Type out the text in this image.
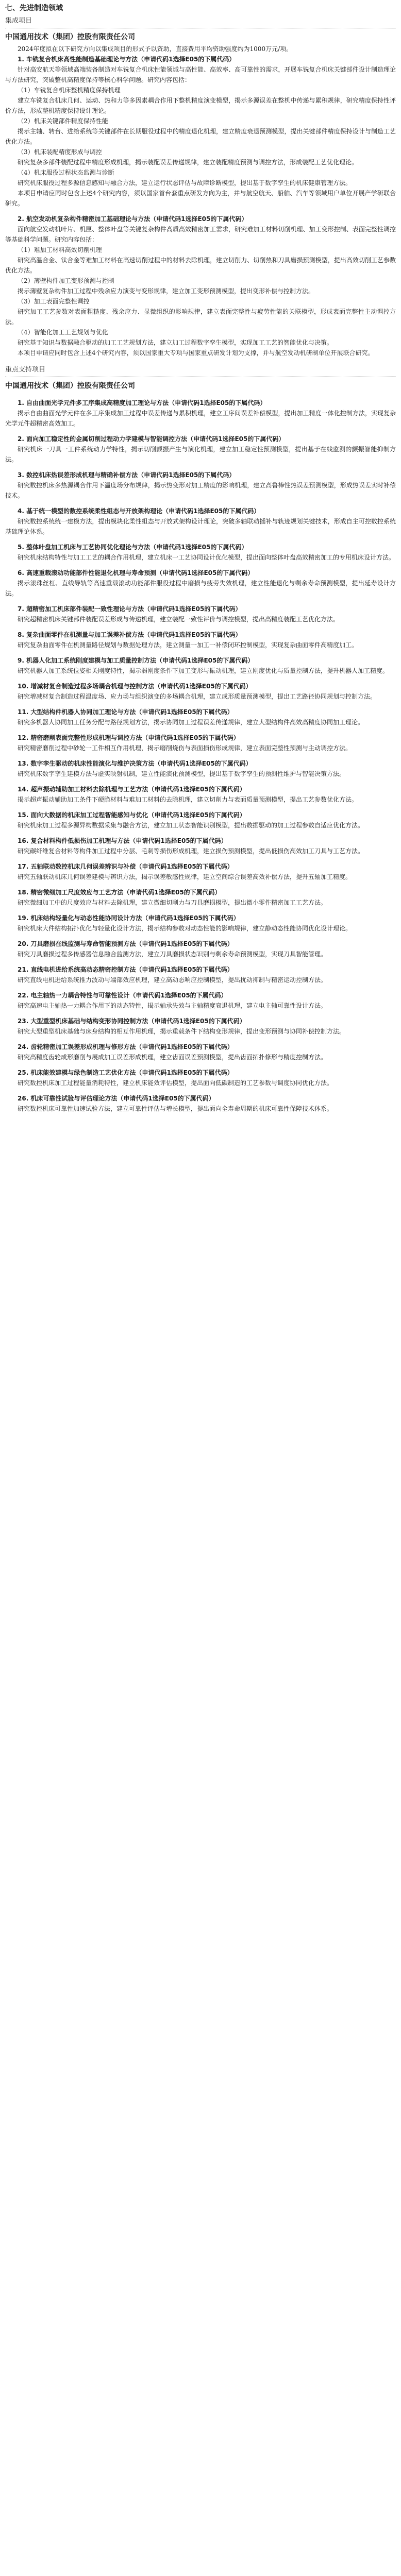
七、先进制造领域
集成项目
中国通用技术（集团）控股有限责任公司

2024年度拟在以下研究方向以集成项目的形式予以资助，直接费用平均资助强度约为1000万元/项。

1. 车铣复合机床高性能制造基础理论与方法（申请代码1选择E05的下属代码）

针对高安航天等领域高端装备制造对车铣复合机床性能领域与高性能、高效率、高可靠性的需求，开展车铣复合机床关键部件设计制造理论与方法研究，突破整机高精度保持等核心科学问题。研究内容包括：

（1）车铣复合机床整机精度保持机理

建立车铣复合机床几何、运动、热和力等多因素耦合作用下整机精度演变模型，揭示多源误差在整机中传递与累积规律，研究精度保持性评价方法，形成整机精度保持设计理论。

（2）机床关键部件精度保持性能

揭示主轴、转台、进给系统等关键部件在长期服役过程中的精度退化机理，建立精度衰退预测模型，提出关键部件精度保持设计与制造工艺优化方法。

（3）机床装配精度形成与调控

研究复杂多部件装配过程中精度形成机理，揭示装配误差传递规律，建立装配精度预测与调控方法，形成装配工艺优化理论。

（4）机床服役过程状态监测与诊断

研究机床服役过程多源信息感知与融合方法，建立运行状态评估与故障诊断模型，提出基于数字孪生的机床健康管理方法。

本项目申请应同时包含上述4个研究内容，须以国家首台套重点研发方向为主，并与航空航天、船舶、汽车等领域用户单位开展产学研联合研究。

2. 航空发动机复杂构件精密加工基础理论与方法（申请代码1选择E05的下属代码）

面向航空发动机叶片、机匣、整体叶盘等关键复杂构件高质高效精密加工需求，研究难加工材料切削机理、加工变形控制、表面完整性调控等基础科学问题。研究内容包括：

（1）难加工材料高效切削机理

研究高温合金、钛合金等难加工材料在高速切削过程中的材料去除机理，建立切削力、切削热和刀具磨损预测模型，提出高效切削工艺参数优化方法。

（2）薄壁构件加工变形预测与控制

揭示薄壁复杂构件加工过程中残余应力演变与变形规律，建立加工变形预测模型，提出变形补偿与控制方法。

（3）加工表面完整性调控

研究加工工艺参数对表面粗糙度、残余应力、显微组织的影响规律，建立表面完整性与疲劳性能的关联模型，形成表面完整性主动调控方法。

（4）智能化加工工艺规划与优化

研究基于知识与数据融合驱动的加工工艺规划方法，建立加工过程数字孪生模型，实现加工工艺的智能优化与决策。

本项目申请应同时包含上述4个研究内容，须以国家重大专项与国家重点研发计划为支撑，并与航空发动机研制单位开展联合研究。

重点支持项目
中国通用技术（集团）控股有限责任公司

1. 自由曲面光学元件多工序集成高精度加工理论与方法（申请代码1选择E05的下属代码）

揭示自由曲面光学元件在多工序集成加工过程中误差传递与累积机理，建立工序间误差补偿模型，提出加工精度一体化控制方法，实现复杂光学元件超精密高效加工。

2. 面向加工稳定性的金属切削过程动力学建模与智能调控方法（申请代码1选择E05的下属代码）

研究机床一刀具一工件系统动力学特性，揭示切削颤振产生与演化机理，建立加工稳定性预测模型，提出基于在线监测的颤振智能抑制方法。

3. 数控机床热误差形成机理与精确补偿方法（申请代码1选择E05的下属代码）

研究数控机床多热源耦合作用下温度场分布规律，揭示热变形对加工精度的影响机理，建立高鲁棒性热误差预测模型，形成热误差实时补偿技术。

4. 基于统一模型的数控系统柔性组态与开放架构理论（申请代码1选择E05的下属代码）

研究数控系统统一建模方法，提出模块化柔性组态与开放式架构设计理论，突破多轴联动插补与轨迹规划关键技术，形成自主可控数控系统基础理论体系。

5. 整体叶盘加工机床与工艺协同优化理论与方法（申请代码1选择E05的下属代码）

研究机床结构特性与加工工艺的耦合作用机理，建立机床一工艺协同设计优化模型，提出面向整体叶盘高效精密加工的专用机床设计方法。

6. 高速重载滚动功能部件性能退化机理与寿命预测（申请代码1选择E05的下属代码）

揭示滚珠丝杠、直线导轨等高速重载滚动功能部件服役过程中磨损与疲劳失效机理，建立性能退化与剩余寿命预测模型，提出延寿设计方法。

7. 超精密加工机床部件装配一致性理论与方法（申请代码1选择E05的下属代码）

研究超精密机床关键部件装配误差形成与传递机理，建立装配一致性评价与调控模型，提出高精度装配工艺优化方法。

8. 复杂曲面零件在机测量与加工误差补偿方法（申请代码1选择E05的下属代码）

研究复杂曲面零件在机测量路径规划与数据处理方法，建立测量一加工一补偿闭环控制模型，实现复杂曲面零件高精度加工。

9. 机器人化加工系统刚度建模与加工质量控制方法（申请代码1选择E05的下属代码）

研究机器人加工系统位姿相关刚度特性，揭示弱刚度条件下加工变形与振动机理，建立刚度优化与质量控制方法，提升机器人加工精度。

10. 增减材复合制造过程多场耦合机理与控制方法（申请代码1选择E05的下属代码）

研究增减材复合制造过程温度场、应力场与组织演变的多场耦合机理，建立成形质量预测模型，提出工艺路径协同规划与控制方法。

11. 大型结构件机器人协同加工理论与方法（申请代码1选择E05的下属代码）

研究多机器人协同加工任务分配与路径规划方法，揭示协同加工过程误差传递规律，建立大型结构件高效高精度协同加工理论。

12. 精密磨削表面完整性形成机理与调控方法（申请代码1选择E05的下属代码）

研究精密磨削过程中砂轮一工件相互作用机理，揭示磨削烧伤与表面损伤形成规律，建立表面完整性预测与主动调控方法。

13. 数字孪生驱动的机床性能演化与维护决策方法（申请代码1选择E05的下属代码）

研究机床数字孪生建模方法与虚实映射机制，建立性能演化预测模型，提出基于数字孪生的预测性维护与智能决策方法。

14. 超声振动辅助加工材料去除机理与工艺方法（申请代码1选择E05的下属代码）

揭示超声振动辅助加工条件下硬脆材料与难加工材料的去除机理，建立切削力与表面质量预测模型，提出工艺参数优化方法。

15. 面向大数据的机床加工过程智能感知与优化（申请代码1选择E05的下属代码）

研究机床加工过程多源异构数据采集与融合方法，建立加工状态智能识别模型，提出数据驱动的加工过程参数自适应优化方法。

16. 复合材料构件低损伤加工机理与方法（申请代码1选择E05的下属代码）

研究碳纤维复合材料等构件加工过程中分层、毛刺等损伤形成机理，建立损伤预测模型，提出低损伤高效加工刀具与工艺方法。

17. 五轴联动数控机床几何误差辨识与补偿（申请代码1选择E05的下属代码）

研究五轴联动机床几何误差建模与辨识方法，揭示误差敏感性规律，建立空间综合误差高效补偿方法，提升五轴加工精度。

18. 精密微细加工尺度效应与工艺方法（申请代码1选择E05的下属代码）

研究微细加工中的尺度效应与材料去除机理，建立微细切削力与刀具磨损模型，提出微小零件精密加工工艺方法。

19. 机床结构轻量化与动态性能协同设计方法（申请代码1选择E05的下属代码）

研究机床大件结构拓扑优化与轻量化设计方法，揭示结构参数对动态性能的影响规律，建立静动态性能协同优化设计理论。

20. 刀具磨损在线监测与寿命智能预测方法（申请代码1选择E05的下属代码）

研究刀具磨损过程多传感器信息融合监测方法，建立刀具磨损状态识别与剩余寿命预测模型，实现刀具智能管理。

21. 直线电机进给系统高动态精密控制方法（申请代码1选择E05的下属代码）

研究直线电机进给系统推力波动与端部效应机理，建立高动态响应控制模型，提出扰动抑制与精密运动控制方法。

22. 电主轴热一力耦合特性与可靠性设计（申请代码1选择E05的下属代码）

研究高速电主轴热一力耦合作用下的动态特性，揭示轴承失效与主轴精度衰退机理，建立电主轴可靠性设计方法。

23. 大型重型机床基础与结构变形协同控制方法（申请代码1选择E05的下属代码）

研究大型重型机床基础与床身结构的相互作用机理，揭示重载条件下结构变形规律，提出变形预测与协同补偿控制方法。

24. 齿轮精密加工误差形成机理与修形方法（申请代码1选择E05的下属代码）

研究高精度齿轮成形磨削与展成加工误差形成机理，建立齿面误差预测模型，提出齿面拓扑修形与精度控制方法。

25. 机床能效建模与绿色制造工艺优化方法（申请代码1选择E05的下属代码）

研究数控机床加工过程能量消耗特性，建立机床能效评估模型，提出面向低碳制造的工艺参数与调度协同优化方法。

26. 机床可靠性试验与评估理论方法（申请代码1选择E05的下属代码）

研究数控机床可靠性加速试验方法，建立可靠性评估与增长模型，提出面向全寿命周期的机床可靠性保障技术体系。
